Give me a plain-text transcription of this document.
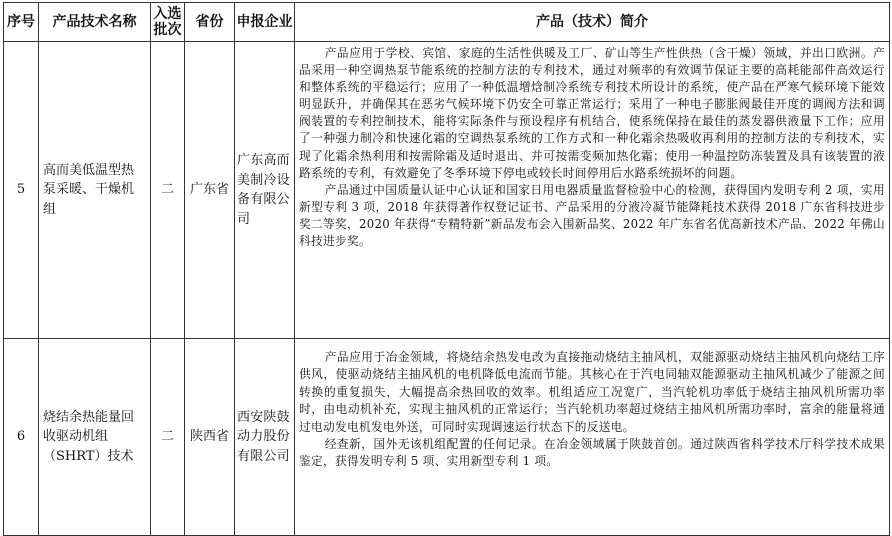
序号	产品技术名称	入选批次	省份	申报企业	产品（技术）简介
5	高而美低温型热泵采暖、干燥机组	二	广东省	广东高而美制冷设备有限公司	产品应用于学校、宾馆、家庭的生活性供暖及工厂、矿山等生产性供热（含干燥）领域，并出口欧洲。产品采用一种空调热泵节能系统的控制方法的专利技术，通过对频率的有效调节保证主要的高耗能部件高效运行和整体系统的平稳运行；应用了一种低温增焓制冷系统专利技术所设计的系统，使产品在严寒气候环境下能效明显跃升，并确保其在恶劣气候环境下仍安全可靠正常运行；采用了一种电子膨胀阀最佳开度的调阀方法和调阀装置的专利控制技术，能将实际条件与预设程序有机结合，使系统保持在最佳的蒸发器供液量下工作；应用了一种强力制冷和快速化霜的空调热泵系统的工作方式和一种化霜余热吸收再利用的控制方法的专利技术，实现了化霜余热利用和按需除霜及适时退出、并可按需变频加热化霜；使用一种温控防冻装置及具有该装置的液路系统的专利，有效避免了冬季环境下停电或较长时间停用后水路系统损坏的问题。

产品通过中国质量认证中心认证和国家日用电器质量监督检验中心的检测，获得国内发明专利 2 项，实用新型专利 3 项，2018 年获得著作权登记证书、产品采用的分液冷凝节能降耗技术获得 2018 广东省科技进步奖二等奖，2020 年获得“专精特新”新品发布会入围新品奖、2022 年广东省名优高新技术产品、2022 年佛山科技进步奖。

6	烧结余热能量回收驱动机组（SHRT）技术	二	陕西省	西安陕鼓动力股份有限公司	产品应用于冶金领域，将烧结余热发电改为直接拖动烧结主抽风机，双能源驱动烧结主抽风机向烧结工序供风，使驱动烧结主抽风机的电机降低电流而节能。其核心在于汽电同轴双能源驱动主抽风机减少了能源之间转换的重复损失，大幅提高余热回收的效率。机组适应工况宽广，当汽轮机功率低于烧结主抽风机所需功率时，由电动机补充，实现主抽风机的正常运行；当汽轮机功率超过烧结主抽风机所需功率时，富余的能量将通过电动发电机发电外送，可同时实现调速运行状态下的反送电。

经查新，国外无该机组配置的任何记录。在冶金领域属于陕鼓首创。通过陕西省科学技术厅科学技术成果鉴定，获得发明专利 5 项、实用新型专利 1 项。
